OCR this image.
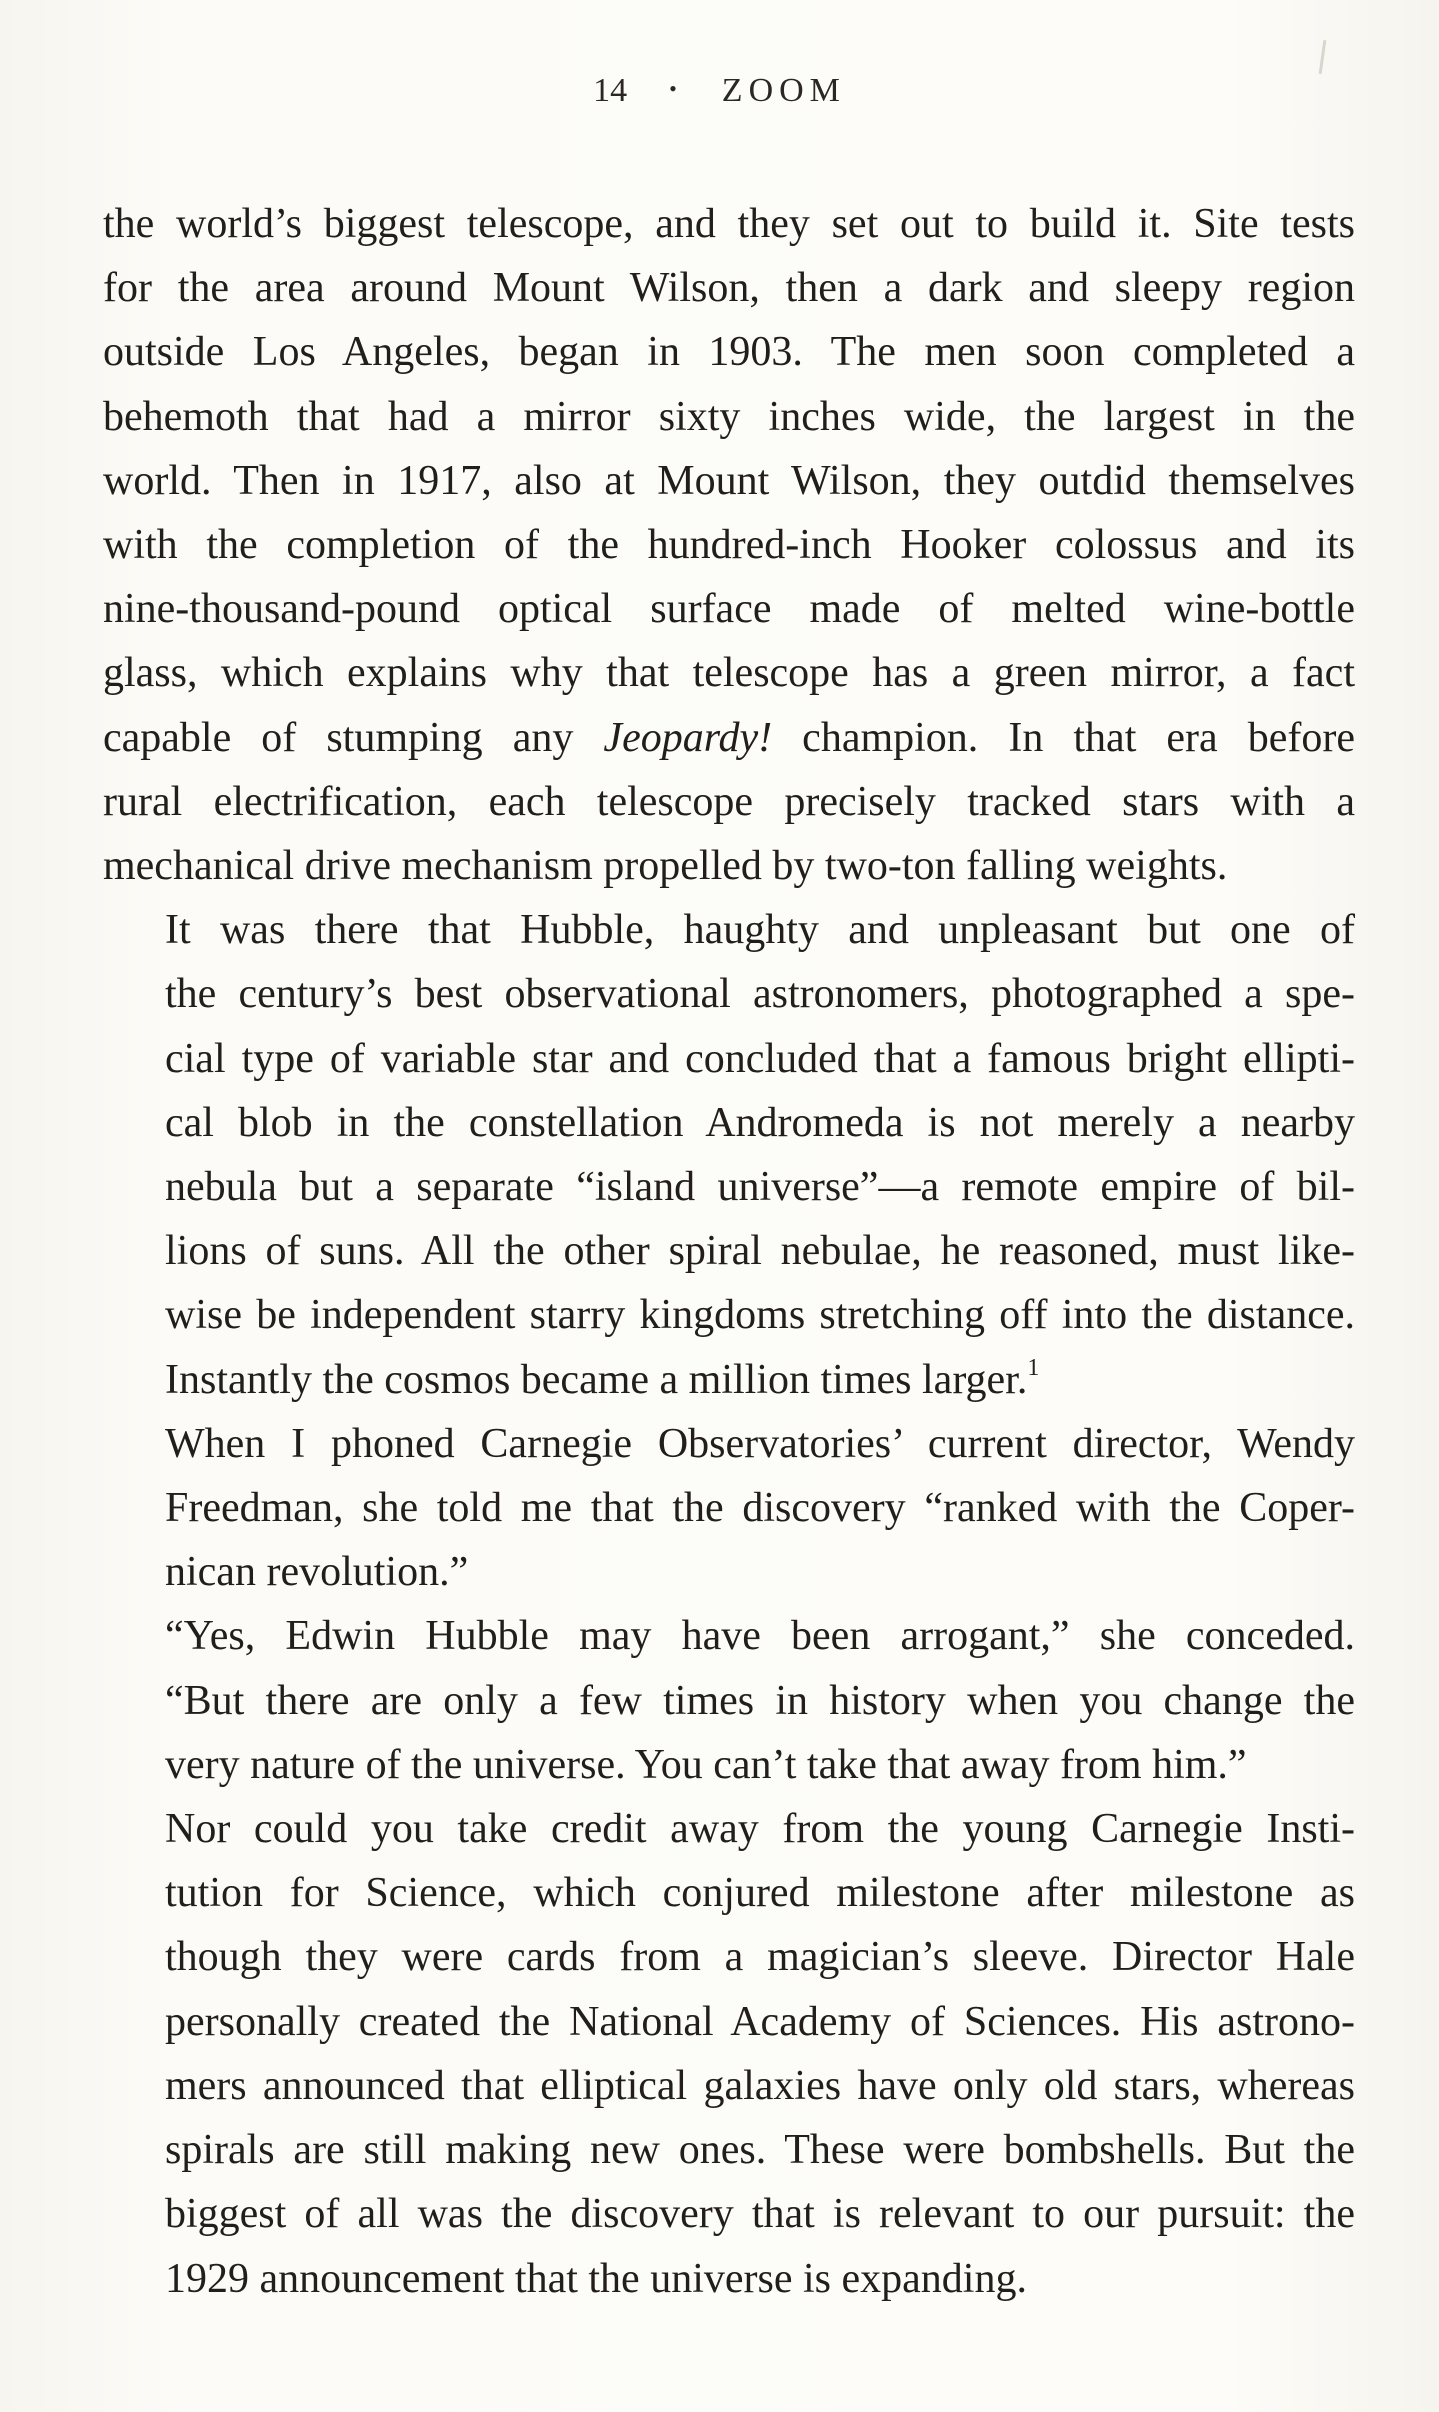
14 • ZOOM

the world’s biggest telescope, and they set out to build it. Site tests
for the area around Mount Wilson, then a dark and sleepy region
outside Los Angeles, began in 1903. The men soon completed a
behemoth that had a mirror sixty inches wide, the largest in the
world. Then in 1917, also at Mount Wilson, they outdid themselves
with the completion of the hundred-inch Hooker colossus and its
nine-thousand-pound optical surface made of melted wine-bottle
glass, which explains why that telescope has a green mirror, a fact
capable of stumping any Jeopardy! champion. In that era before
rural electrification, each telescope precisely tracked stars with a
mechanical drive mechanism propelled by two-ton falling weights.

It was there that Hubble, haughty and unpleasant but one of
the century’s best observational astronomers, photographed a spe-
cial type of variable star and concluded that a famous bright ellipti-
cal blob in the constellation Andromeda is not merely a nearby
nebula but a separate “island universe”—a remote empire of bil-
lions of suns. All the other spiral nebulae, he reasoned, must like-
wise be independent starry kingdoms stretching off into the distance.
Instantly the cosmos became a million times larger.$^1$

When I phoned Carnegie Observatories’ current director, Wendy
Freedman, she told me that the discovery “ranked with the Coper-
nican revolution.”

“Yes, Edwin Hubble may have been arrogant,” she conceded.
“But there are only a few times in history when you change the
very nature of the universe. You can’t take that away from him.”

Nor could you take credit away from the young Carnegie Insti-
tution for Science, which conjured milestone after milestone as
though they were cards from a magician’s sleeve. Director Hale
personally created the National Academy of Sciences. His astrono-
mers announced that elliptical galaxies have only old stars, whereas
spirals are still making new ones. These were bombshells. But the
biggest of all was the discovery that is relevant to our pursuit: the
1929 announcement that the universe is expanding.
